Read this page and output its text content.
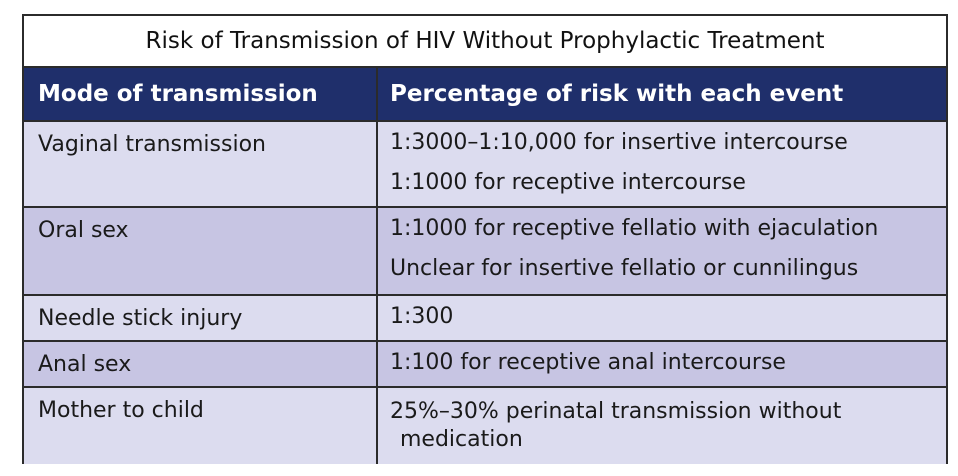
Risk of Transmission of HIV Without Prophylactic Treatment
Mode of transmission	Percentage of risk with each event
Vaginal transmission	1:3000–1:10,000 for insertive intercourse
1:1000 for receptive intercourse
Oral sex	1:1000 for receptive fellatio with ejaculation
Unclear for insertive fellatio or cunnilingus
Needle stick injury	1:300
Anal sex	1:100 for receptive anal intercourse
Mother to child	25%–30% perinatal transmission without
medication
